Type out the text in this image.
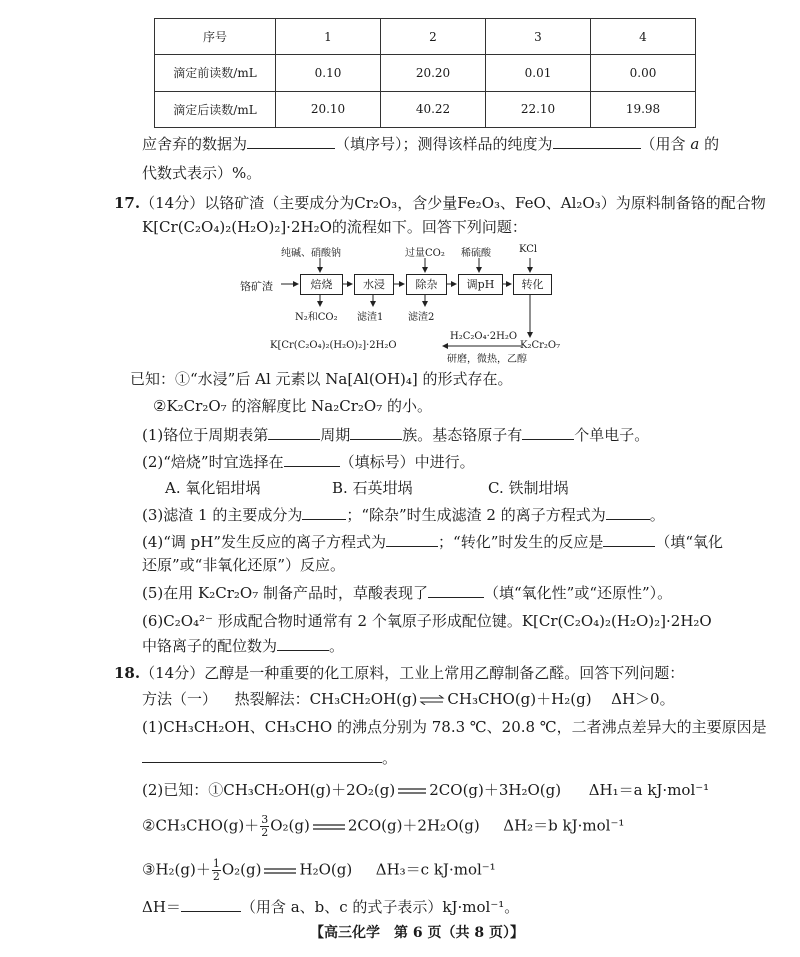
序号	1	2	3	4
滴定前读数/mL	0.10	20.20	0.01	0.00
滴定后读数/mL	20.10	40.22	22.10	19.98
应舍弃的数据为	（填序号）；测得该样品的纯度为	（用含 a 的
代数式表示）%。
17.（14分）以铬矿渣（主要成分为Cr₂O₃，含少量Fe₂O₃、FeO、Al₂O₃）为原料制备铬的配合物
K[Cr(C₂O₄)₂(H₂O)₂]·2H₂O的流程如下。回答下列问题：
纯碱、硝酸钠	过量CO₂ 稀硫酸	KCl
铬矿渣	焙烧	水浸	除杂	调pH	转化
N₂和CO₂ 滤渣1 滤渣2
H₂C₂O₄·2H₂O
研磨，微热，乙醇
K₂Cr₂O₇
K[Cr(C₂O₄)₂(H₂O)₂]·2H₂O
已知：①“水浸”后 Al 元素以 Na[Al(OH)₄] 的形式存在。
②K₂Cr₂O₇ 的溶解度比 Na₂Cr₂O₇ 的小。
(1)铬位于周期表第	周期	族。基态铬原子有	个单电子。
(2)“焙烧”时宜选择在	（填标号）中进行。
A. 氧化铝坩埚	B. 石英坩埚	C. 铁制坩埚
(3)滤渣 1 的主要成分为	；“除杂”时生成滤渣 2 的离子方程式为	。
(4)“调 pH”发生反应的离子方程式为	；“转化”时发生的反应是	（填“氧化
还原”或“非氧化还原”）反应。
(5)在用 K₂Cr₂O₇ 制备产品时，草酸表现了	（填“氧化性”或“还原性”）。
(6)C₂O₄²⁻ 形成配合物时通常有 2 个氧原子形成配位键。K[Cr(C₂O₄)₂(H₂O)₂]·2H₂O
中铬离子的配位数为	。
18.（14分）乙醇是一种重要的化工原料，工业上常用乙醇制备乙醛。回答下列问题：
方法（一） 热裂解法：CH₃CH₂OH(g) ⇌ CH₃CHO(g)＋H₂(g) ΔH＞0。
(1)CH₃CH₂OH、CH₃CHO 的沸点分别为 78.3 ℃、20.8 ℃，二者沸点差异大的主要原因是
。
(2)已知：①CH₃CH₂OH(g)＋2O₂(g) 2CO(g)＋3H₂O(g) ΔH₁＝a kJ·mol⁻¹
②CH₃CHO(g)＋ $\frac{3}{2} O_2(g)$	2CO(g)＋2H₂O(g) ΔH₂＝b kJ·mol⁻¹
③H₂(g)＋ $\frac{1}{2} O_2(g)$	H₂O(g) ΔH₃＝c kJ·mol⁻¹
ΔH＝	（用含 a、b、c 的式子表示）kJ·mol⁻¹。
【高三化学　第 6 页（共 8 页）】
